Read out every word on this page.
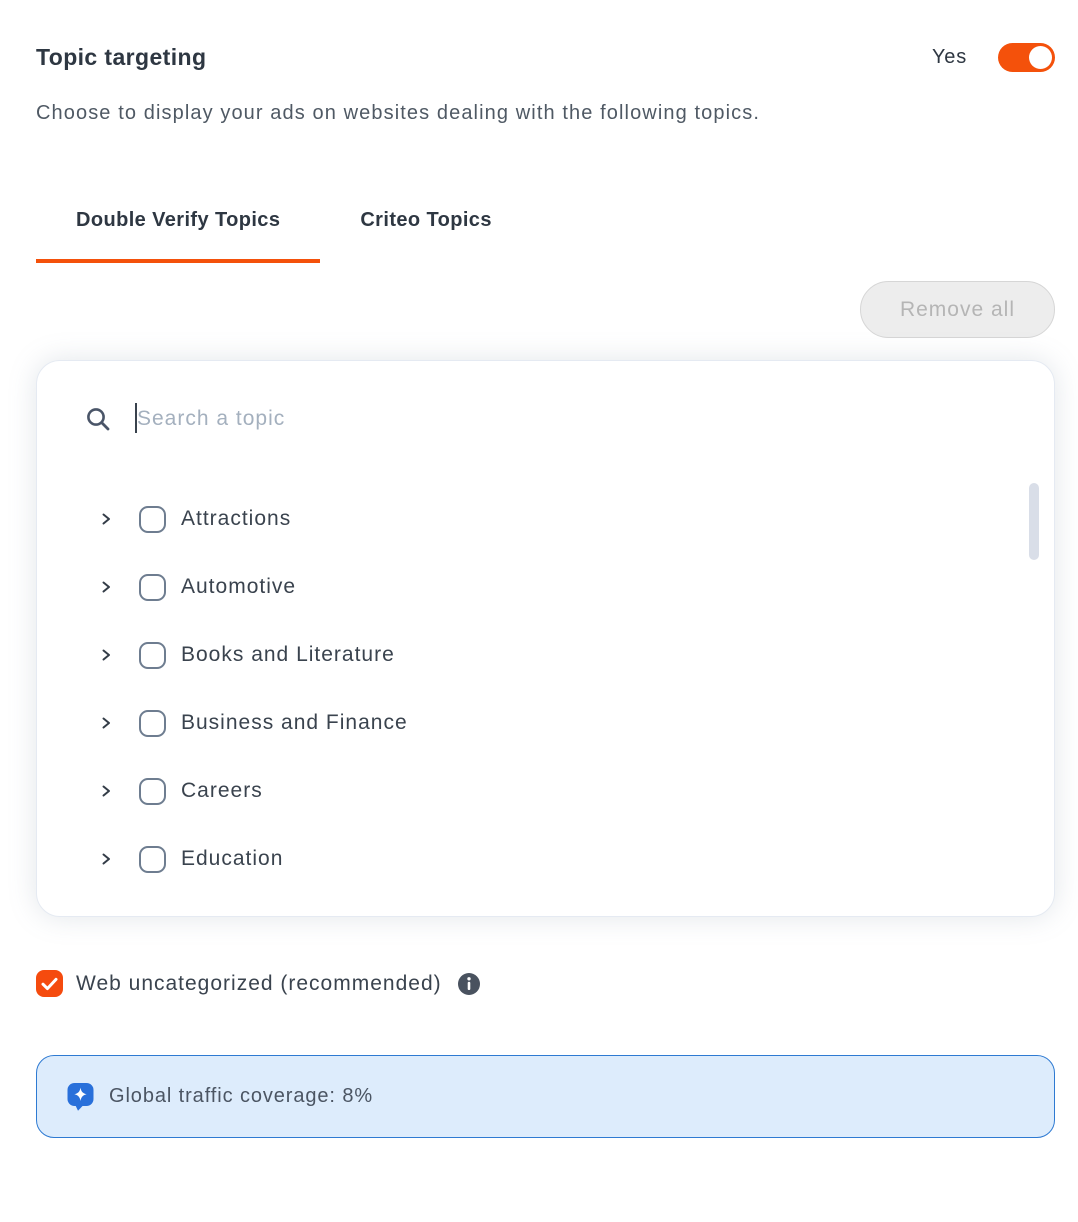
Topic targeting	Yes
Choose to display your ads on websites dealing with the following topics.
Double Verify Topics	Criteo Topics
Remove all
Search a topic
Attractions
Automotive
Books and Literature
Business and Finance
Careers
Education
Web uncategorized (recommended)
Global traffic coverage: 8%
